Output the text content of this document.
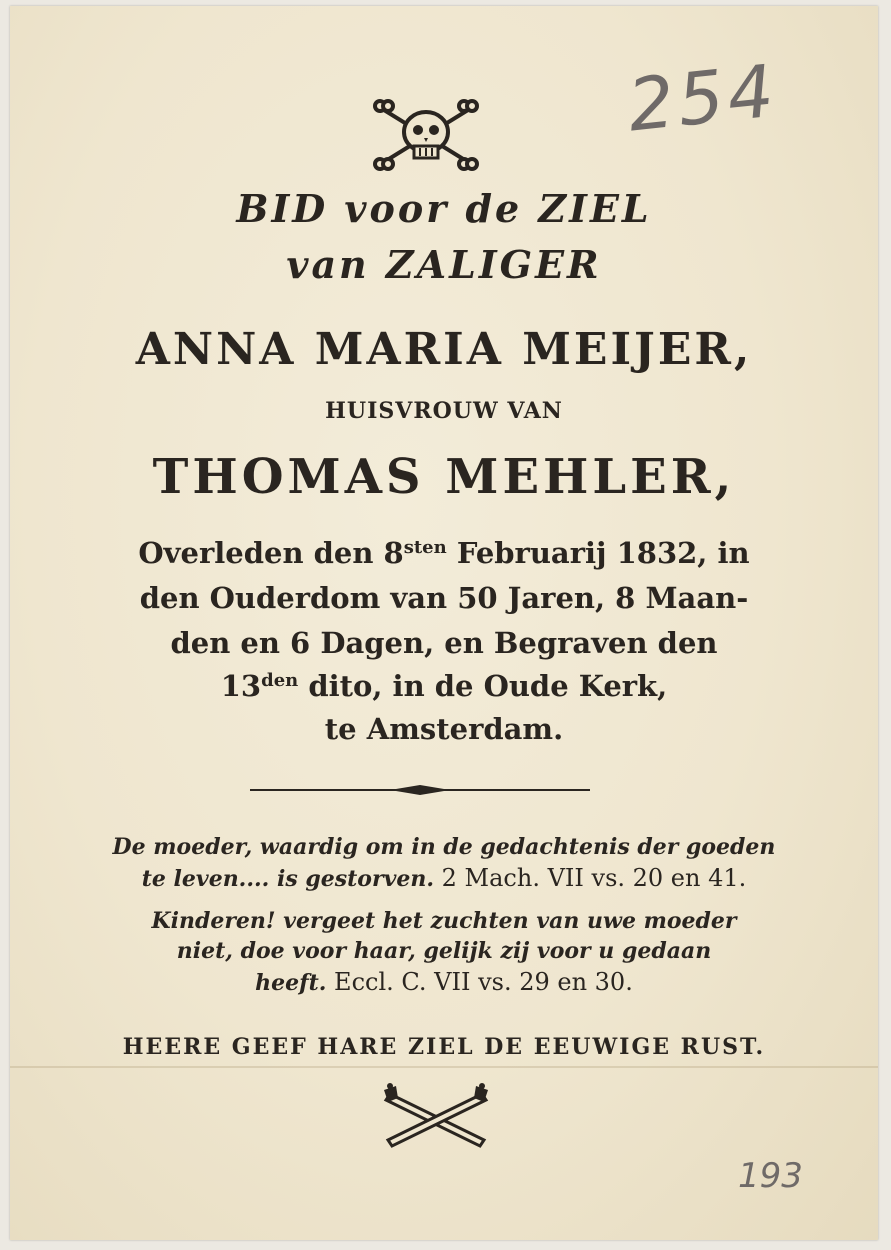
254
BID voor de ZIEL
van ZALIGER
ANNA MARIA MEIJER,
HUISVROUW VAN
THOMAS MEHLER,
Overleden den $8^{sten}$ Februarij 1832, in
den Ouderdom van 50 Jaren, 8 Maan-
den en 6 Dagen, en Begraven den
$13^{den}$ dito, in de Oude Kerk,
te Amsterdam.
De moeder, waardig om in de gedachtenis der goeden
te leven.... is gestorven. 2 Mach. VII vs. 20 en 41.
Kinderen! vergeet het zuchten van uwe moeder
niet, doe voor haar, gelijk zij voor u gedaan
heeft. Eccl. C. VII vs. 29 en 30.
HEERE GEEF HARE ZIEL DE EEUWIGE RUST.
193
